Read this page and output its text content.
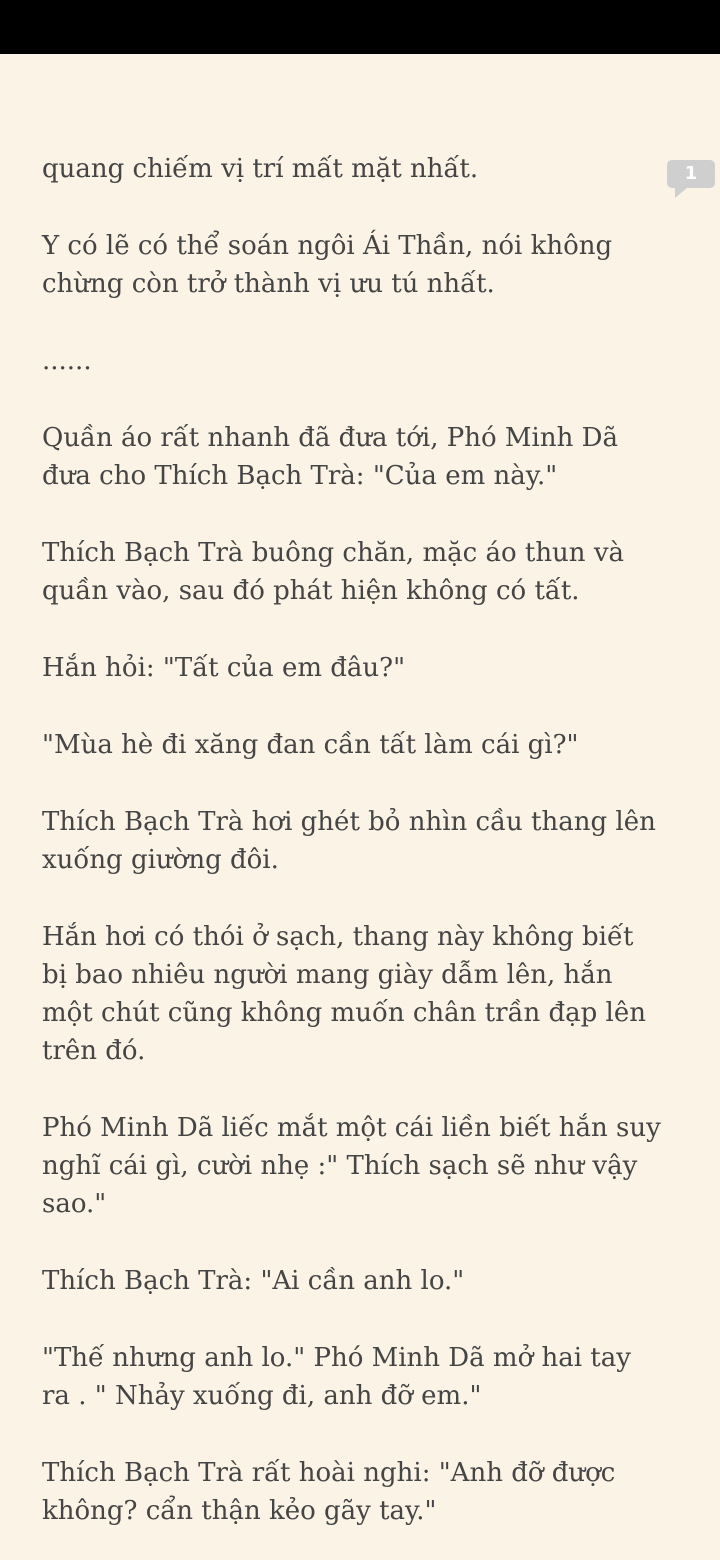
quang chiếm vị trí mất mặt nhất.

Y có lẽ có thể soán ngôi Ái Thần, nói không chừng còn trở thành vị ưu tú nhất.

......

Quần áo rất nhanh đã đưa tới, Phó Minh Dã đưa cho Thích Bạch Trà: "Của em này."

Thích Bạch Trà buông chăn, mặc áo thun và quần vào, sau đó phát hiện không có tất.

Hắn hỏi: "Tất của em đâu?"

"Mùa hè đi xăng đan cần tất làm cái gì?"

Thích Bạch Trà hơi ghét bỏ nhìn cầu thang lên xuống giường đôi.

Hắn hơi có thói ở sạch, thang này không biết bị bao nhiêu người mang giày dẫm lên, hắn một chút cũng không muốn chân trần đạp lên trên đó.

Phó Minh Dã liếc mắt một cái liền biết hắn suy nghĩ cái gì, cười nhẹ :" Thích sạch sẽ như vậy sao."

Thích Bạch Trà: "Ai cần anh lo."

"Thế nhưng anh lo." Phó Minh Dã mở hai tay ra . " Nhảy xuống đi, anh đỡ em."

Thích Bạch Trà rất hoài nghi: "Anh đỡ được không? cẩn thận kẻo gãy tay."

1
